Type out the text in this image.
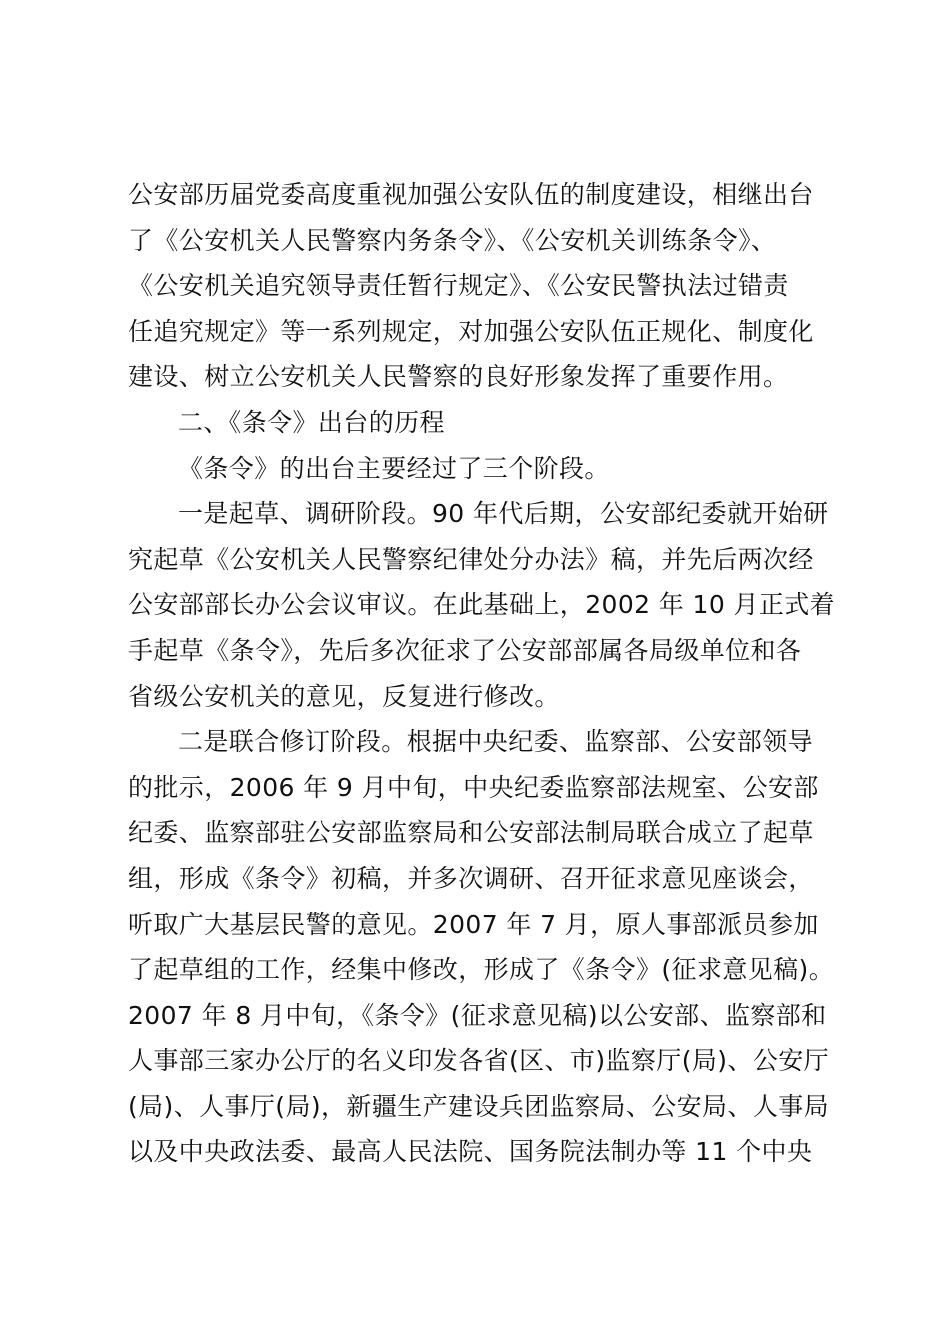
公安部历届党委高度重视加强公安队伍的制度建设，相继出台
了《公安机关人民警察内务条令》、《公安机关训练条令》、
《公安机关追究领导责任暂行规定》、《公安民警执法过错责
任追究规定》等一系列规定，对加强公安队伍正规化、制度化
建设、树立公安机关人民警察的良好形象发挥了重要作用。
二、《条令》出台的历程
《条令》的出台主要经过了三个阶段。
一是起草、调研阶段。90 年代后期，公安部纪委就开始研
究起草《公安机关人民警察纪律处分办法》稿，并先后两次经
公安部部长办公会议审议。在此基础上，2002 年 10 月正式着
手起草《条令》，先后多次征求了公安部部属各局级单位和各
省级公安机关的意见，反复进行修改。
二是联合修订阶段。根据中央纪委、监察部、公安部领导
的批示，2006 年 9 月中旬，中央纪委监察部法规室、公安部
纪委、监察部驻公安部监察局和公安部法制局联合成立了起草
组，形成《条令》初稿，并多次调研、召开征求意见座谈会，
听取广大基层民警的意见。2007 年 7 月，原人事部派员参加
了起草组的工作，经集中修改，形成了《条令》(征求意见稿)。
2007 年 8 月中旬，《条令》(征求意见稿)以公安部、监察部和
人事部三家办公厅的名义印发各省(区、市)监察厅(局)、公安厅
(局)、人事厅(局)，新疆生产建设兵团监察局、公安局、人事局
以及中央政法委、最高人民法院、国务院法制办等 11 个中央
